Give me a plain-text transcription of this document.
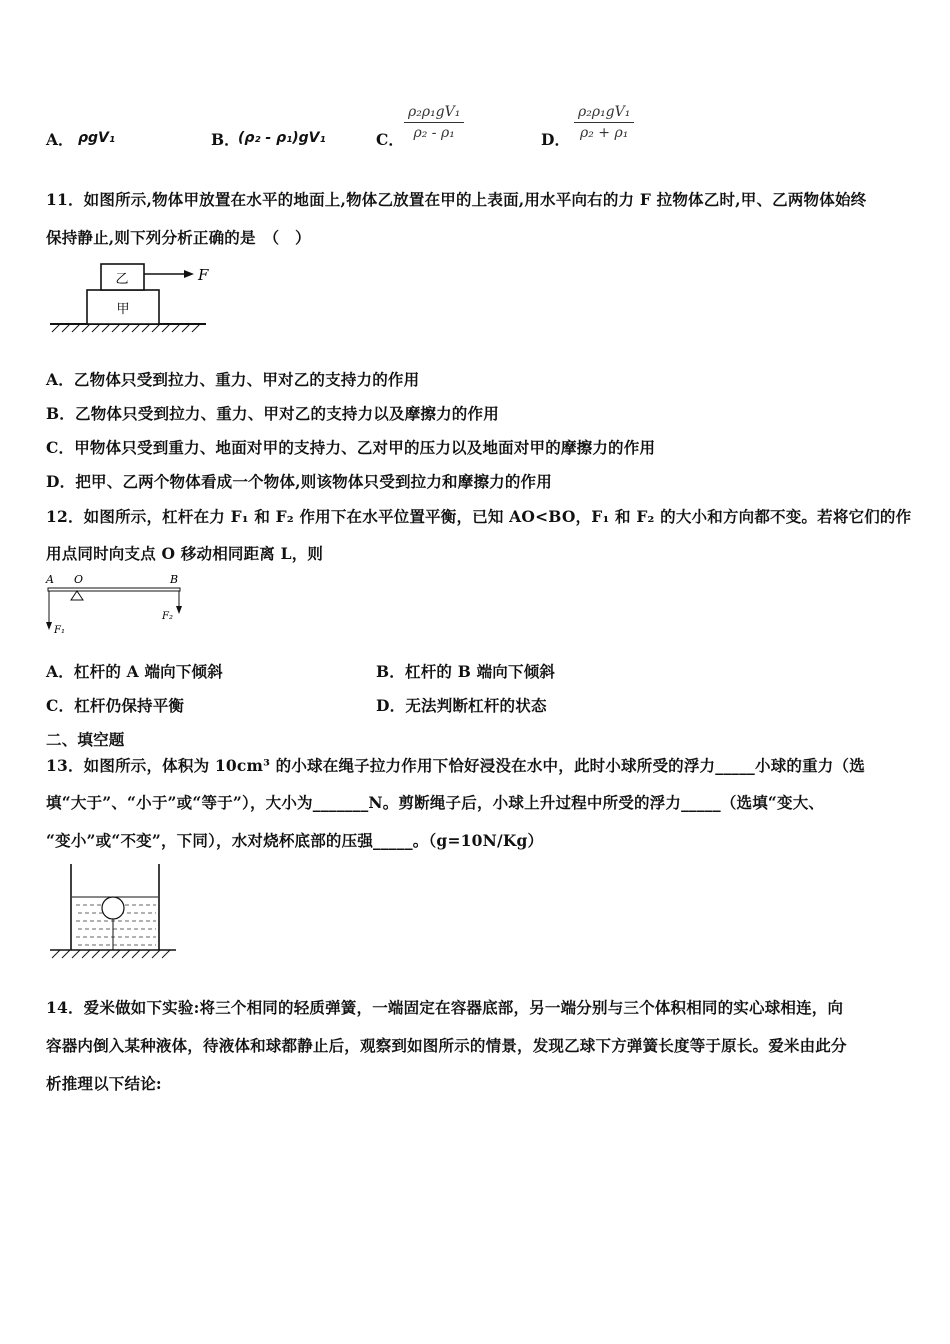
A． ρgV₁	B．
(ρ₂ - ρ₁)gV₁	C． $\frac{\text{ρ₂ρ₁gV₁}}{\text{ρ₂ - ρ₁}}$	D． $\frac{\text{ρ₂ρ₁gV₁}}{\text{ρ₂ + ρ₁}}$
11．如图所示,物体甲放置在水平的地面上,物体乙放置在甲的上表面,用水平向右的力 F 拉物体乙时,甲、乙两物体始终
保持静止,则下列分析正确的是　（　）
甲
乙	F
A．乙物体只受到拉力、重力、甲对乙的支持力的作用
B．乙物体只受到拉力、重力、甲对乙的支持力以及摩擦力的作用
C．甲物体只受到重力、地面对甲的支持力、乙对甲的压力以及地面对甲的摩擦力的作用
D．把甲、乙两个物体看成一个物体,则该物体只受到拉力和摩擦力的作用
12．如图所示，杠杆在力 F₁ 和 F₂ 作用下在水平位置平衡，已知 AO<BO，F₁ 和 F₂ 的大小和方向都不变。若将它们的作
用点同时向支点 O 移动相同距离 L，则
A O	B
F₁
F₂
A．杠杆的 A 端向下倾斜	B．杠杆的 B 端向下倾斜
C．杠杆仍保持平衡	D．无法判断杠杆的状态
二、填空题
13．如图所示，体积为 10cm³ 的小球在绳子拉力作用下恰好浸没在水中，此时小球所受的浮力_____小球的重力（选
填“大于”、“小于”或“等于”），大小为_______N。剪断绳子后，小球上升过程中所受的浮力_____（选填“变大、
“变小”或“不变”，下同），水对烧杯底部的压强_____。（g=10N/Kg）
14．爱米做如下实验:将三个相同的轻质弹簧，一端固定在容器底部，另一端分别与三个体积相同的实心球相连，向
容器内倒入某种液体，待液体和球都静止后，观察到如图所示的情景，发现乙球下方弹簧长度等于原长。爱米由此分
析推理以下结论:
